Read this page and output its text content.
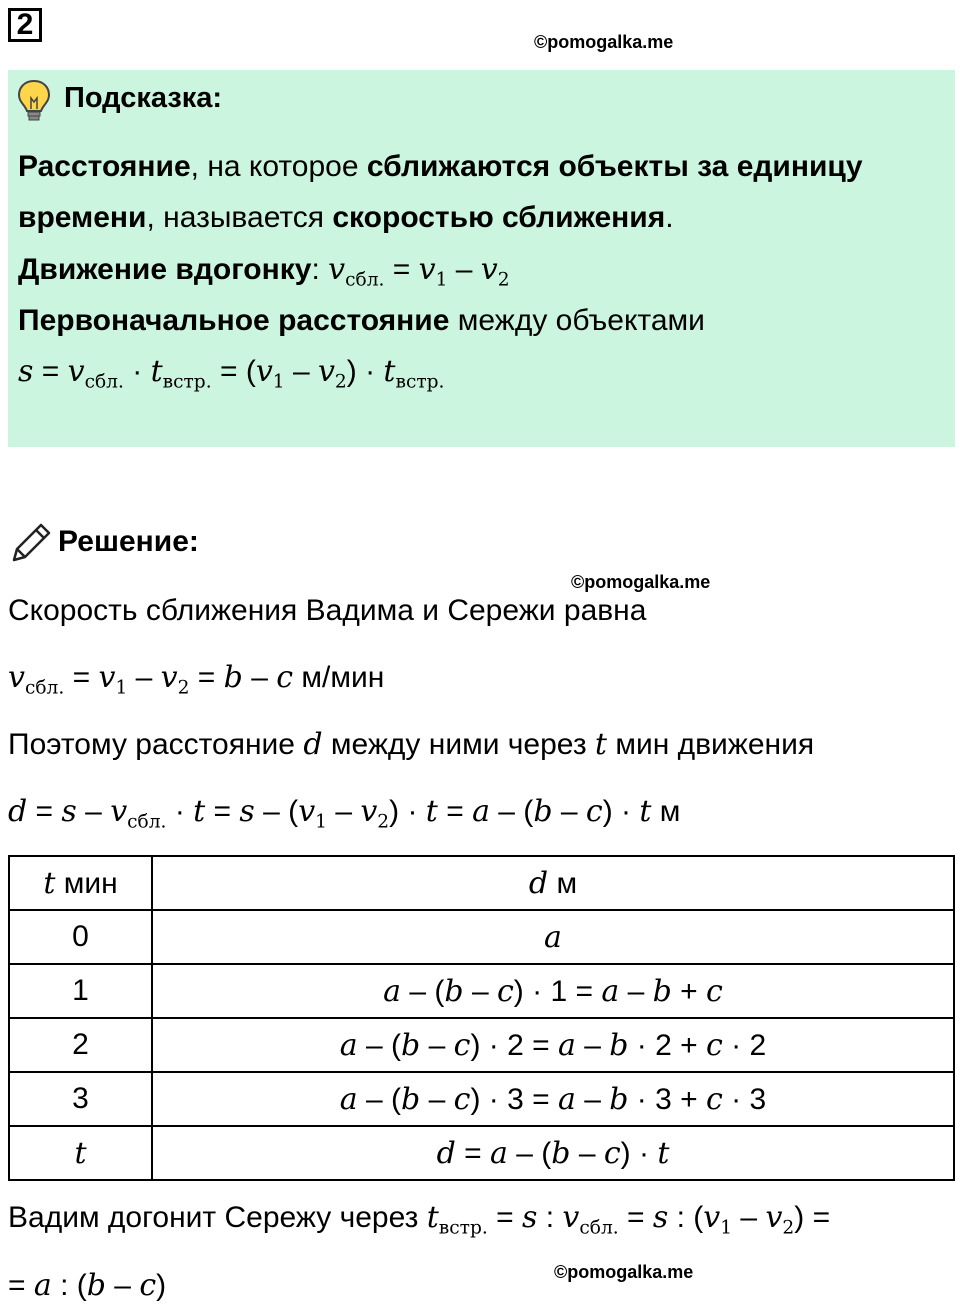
2
©pomogalka.me
Подсказка:
Расстояние, на которое сближаются объекты за единицу
времени, называется скоростью сближения.
Движение вдогонку: $v_{сбл.} = v_1 - v_2$
Первоначальное расстояние между объектами
$s = v_{сбл.} \cdot t_{встр.} = (v_1 - v_2) \cdot t_{встр.}$
Решение:
©pomogalka.me
Скорость сближения Вадима и Сережи равна
$v_{сбл.} = v_1 - v_2 = b - c$ м/мин
Поэтому расстояние d между ними через t мин движения
$d = s - v_{сбл.} \cdot t = s - (v_1 - v_2) \cdot t = a - (b - c) \cdot t$ м
t мин	d м
0	a
1	a – (b – c) · 1 = a – b + c
2	a – (b – c) · 2 = a – b · 2 + c · 2
3	a – (b – c) · 3 = a – b · 3 + c · 3
t	d = a – (b – c) · t
Вадим догонит Сережу через $t_{встр.} = s$ : $v_{сбл.} = s$ : $(v_1 - v_2)$ =
= a : (b – c)	©pomogalka.me
